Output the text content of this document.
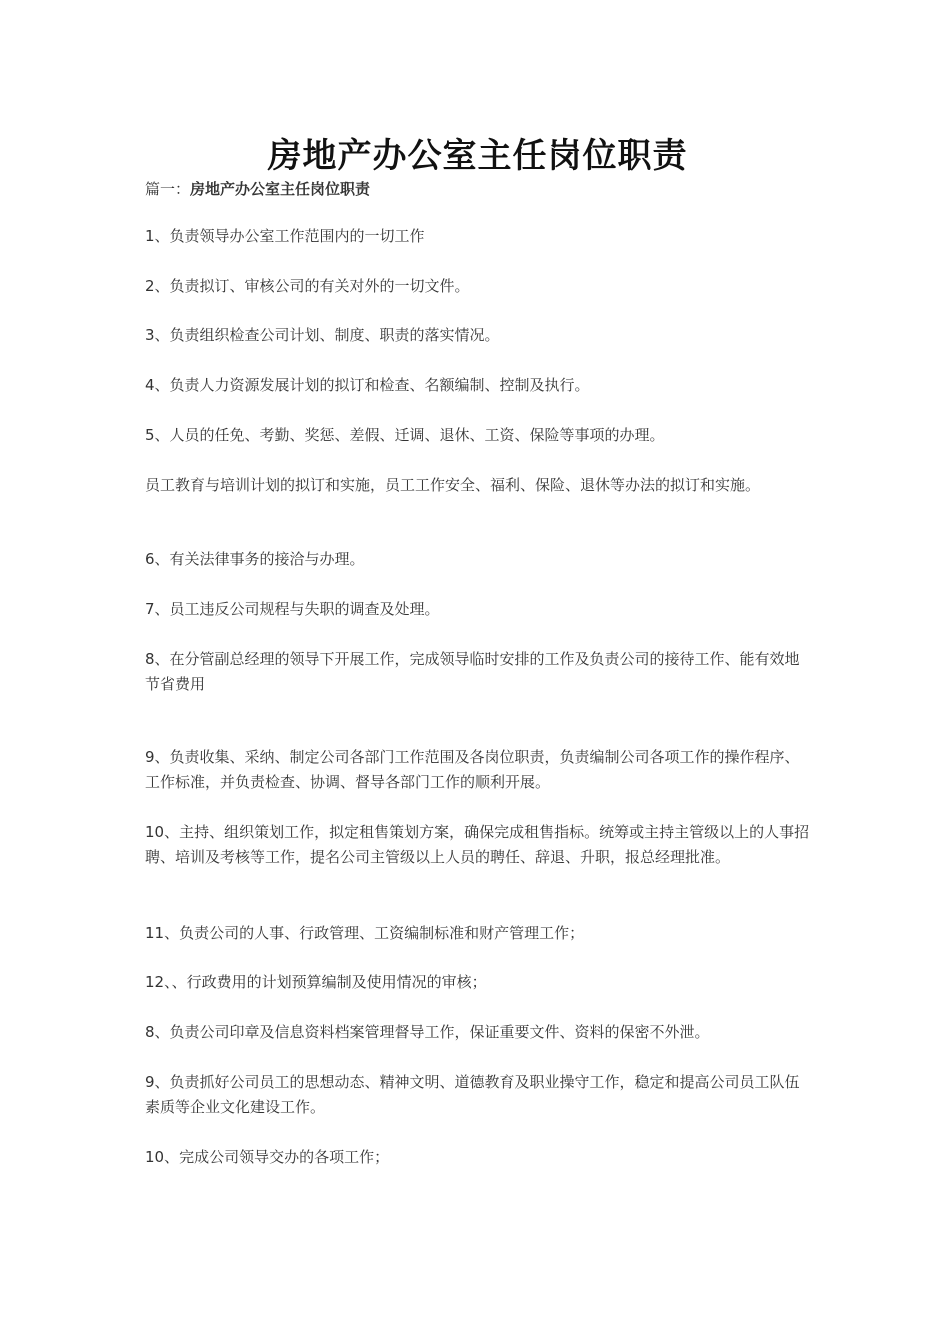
房地产办公室主任岗位职责
篇一：房地产办公室主任岗位职责
1、负责领导办公室工作范围内的一切工作
2、负责拟订、审核公司的有关对外的一切文件。
3、负责组织检查公司计划、制度、职责的落实情况。
4、负责人力资源发展计划的拟订和检查、名额编制、控制及执行。
5、人员的任免、考勤、奖惩、差假、迁调、退休、工资、保险等事项的办理。
员工教育与培训计划的拟订和实施，员工工作安全、福利、保险、退休等办法的拟订和实施。
6、有关法律事务的接洽与办理。
7、员工违反公司规程与失职的调查及处理。
8、在分管副总经理的领导下开展工作，完成领导临时安排的工作及负责公司的接待工作、能有效地节省费用
9、负责收集、采纳、制定公司各部门工作范围及各岗位职责，负责编制公司各项工作的操作程序、工作标准，并负责检查、协调、督导各部门工作的顺利开展。
10、主持、组织策划工作，拟定租售策划方案，确保完成租售指标。统筹或主持主管级以上的人事招聘、培训及考核等工作，提名公司主管级以上人员的聘任、辞退、升职，报总经理批准。
11、负责公司的人事、行政管理、工资编制标准和财产管理工作；
12、、行政费用的计划预算编制及使用情况的审核；
8、负责公司印章及信息资料档案管理督导工作，保证重要文件、资料的保密不外泄。
9、负责抓好公司员工的思想动态、精神文明、道德教育及职业操守工作，稳定和提高公司员工队伍素质等企业文化建设工作。
10、完成公司领导交办的各项工作；
